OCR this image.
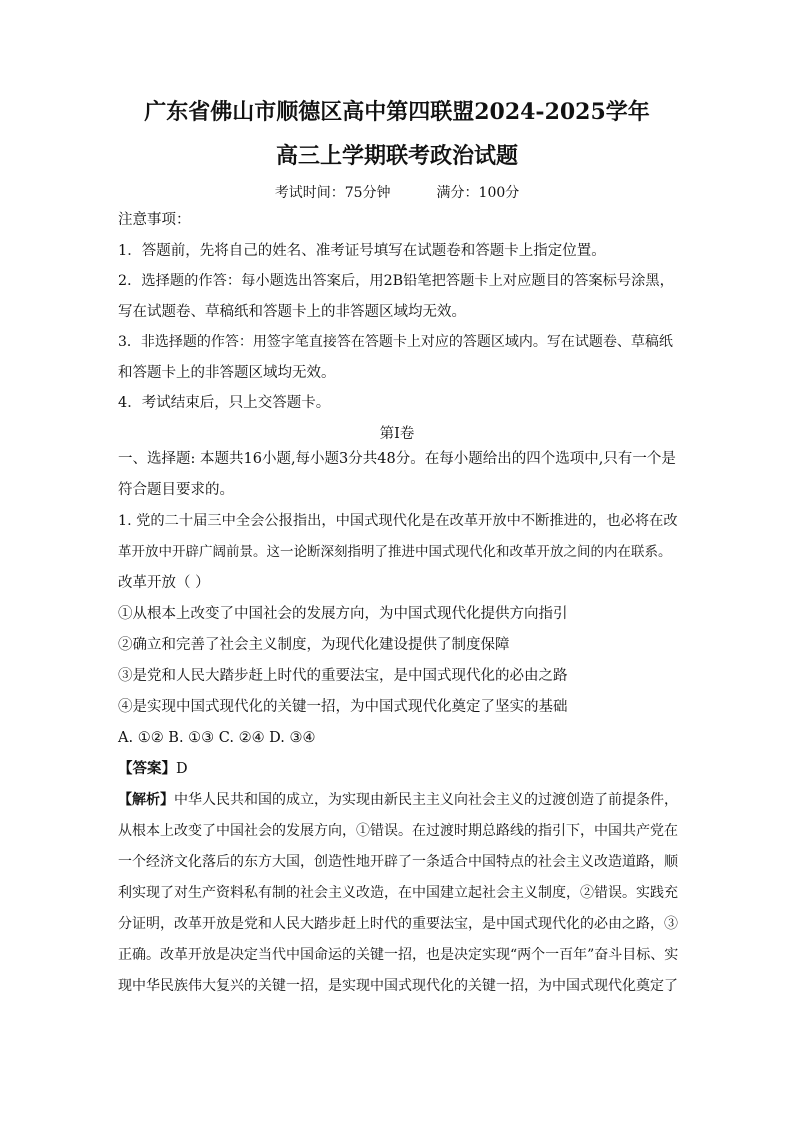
广东省佛山市顺德区高中第四联盟2024-2025学年
高三上学期联考政治试题
考试时间：75分钟	满分：100分
注意事项：
1．答题前，先将自己的姓名、准考证号填写在试题卷和答题卡上指定位置。
2．选择题的作答：每小题选出答案后，用2B铅笔把答题卡上对应题目的答案标号涂黑，
写在试题卷、草稿纸和答题卡上的非答题区域均无效。
3．非选择题的作答：用签字笔直接答在答题卡上对应的答题区域内。写在试题卷、草稿纸
和答题卡上的非答题区域均无效。
4．考试结束后，只上交答题卡。
第Ⅰ卷
一、选择题: 本题共16小题,每小题3分共48分。在每小题给出的四个选项中,只有一个是
符合题目要求的。
1. 党的二十届三中全会公报指出，中国式现代化是在改革开放中不断推进的，也必将在改
革开放中开辟广阔前景。这一论断深刻指明了推进中国式现代化和改革开放之间的内在联系。
改革开放（ ）
①从根本上改变了中国社会的发展方向，为中国式现代化提供方向指引
②确立和完善了社会主义制度，为现代化建设提供了制度保障
③是党和人民大踏步赶上时代的重要法宝，是中国式现代化的必由之路
④是实现中国式现代化的关键一招，为中国式现代化奠定了坚实的基础
A. ①② B. ①③ C. ②④ D. ③④
【答案】D
【解析】中华人民共和国的成立，为实现由新民主主义向社会主义的过渡创造了前提条件，
从根本上改变了中国社会的发展方向，①错误。在过渡时期总路线的指引下，中国共产党在
一个经济文化落后的东方大国，创造性地开辟了一条适合中国特点的社会主义改造道路，顺
利实现了对生产资料私有制的社会主义改造，在中国建立起社会主义制度，②错误。实践充
分证明，改革开放是党和人民大踏步赶上时代的重要法宝，是中国式现代化的必由之路，③
正确。改革开放是决定当代中国命运的关键一招，也是决定实现“两个一百年”奋斗目标、实
现中华民族伟大复兴的关键一招，是实现中国式现代化的关键一招，为中国式现代化奠定了
